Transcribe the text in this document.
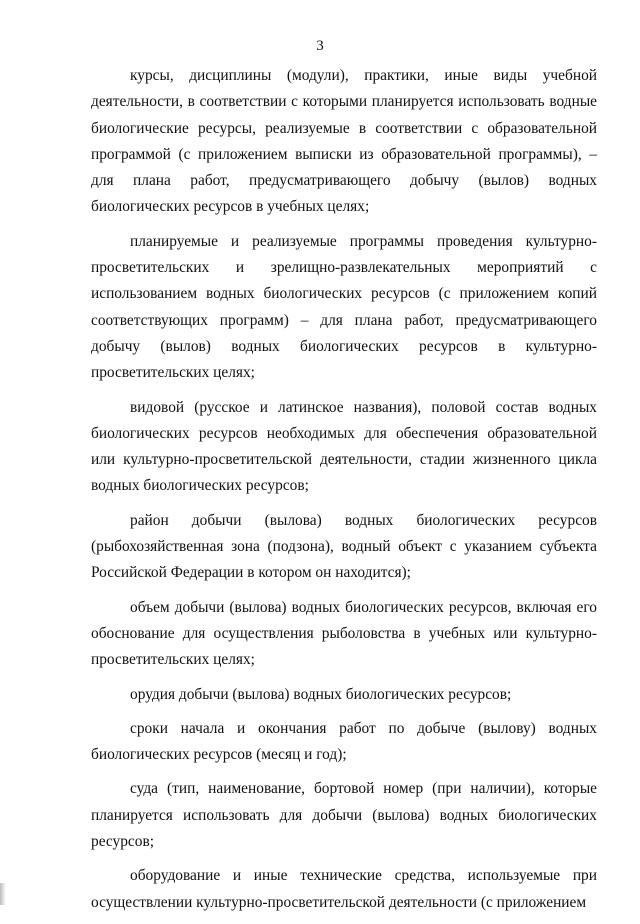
3

курсы, дисциплины (модули), практики, иные виды учебной деятельности, в соответствии с которыми планируется использовать водные биологические ресурсы, реализуемые в соответствии с образовательной программой (с приложением выписки из образовательной программы), – для плана работ, предусматривающего добычу (вылов) водных биологических ресурсов в учебных целях;

планируемые и реализуемые программы проведения культурно-просветительских и зрелищно-развлекательных мероприятий с использованием водных биологических ресурсов (с приложением копий соответствующих программ) – для плана работ, предусматривающего добычу (вылов) водных биологических ресурсов в культурно-просветительских целях;

видовой (русское и латинское названия), половой состав водных биологических ресурсов необходимых для обеспечения образовательной или культурно-просветительской деятельности, стадии жизненного цикла водных биологических ресурсов;

район добычи (вылова) водных биологических ресурсов (рыбохозяйственная зона (подзона), водный объект с указанием субъекта Российской Федерации в котором он находится);

объем добычи (вылова) водных биологических ресурсов, включая его обоснование для осуществления рыболовства в учебных или культурно-просветительских целях;

орудия добычи (вылова) водных биологических ресурсов;

сроки начала и окончания работ по добыче (вылову) водных биологических ресурсов (месяц и год);

суда (тип, наименование, бортовой номер (при наличии), которые планируется использовать для добычи (вылова) водных биологических ресурсов;

оборудование и иные технические средства, используемые при осуществлении культурно-просветительской деятельности (с приложением
